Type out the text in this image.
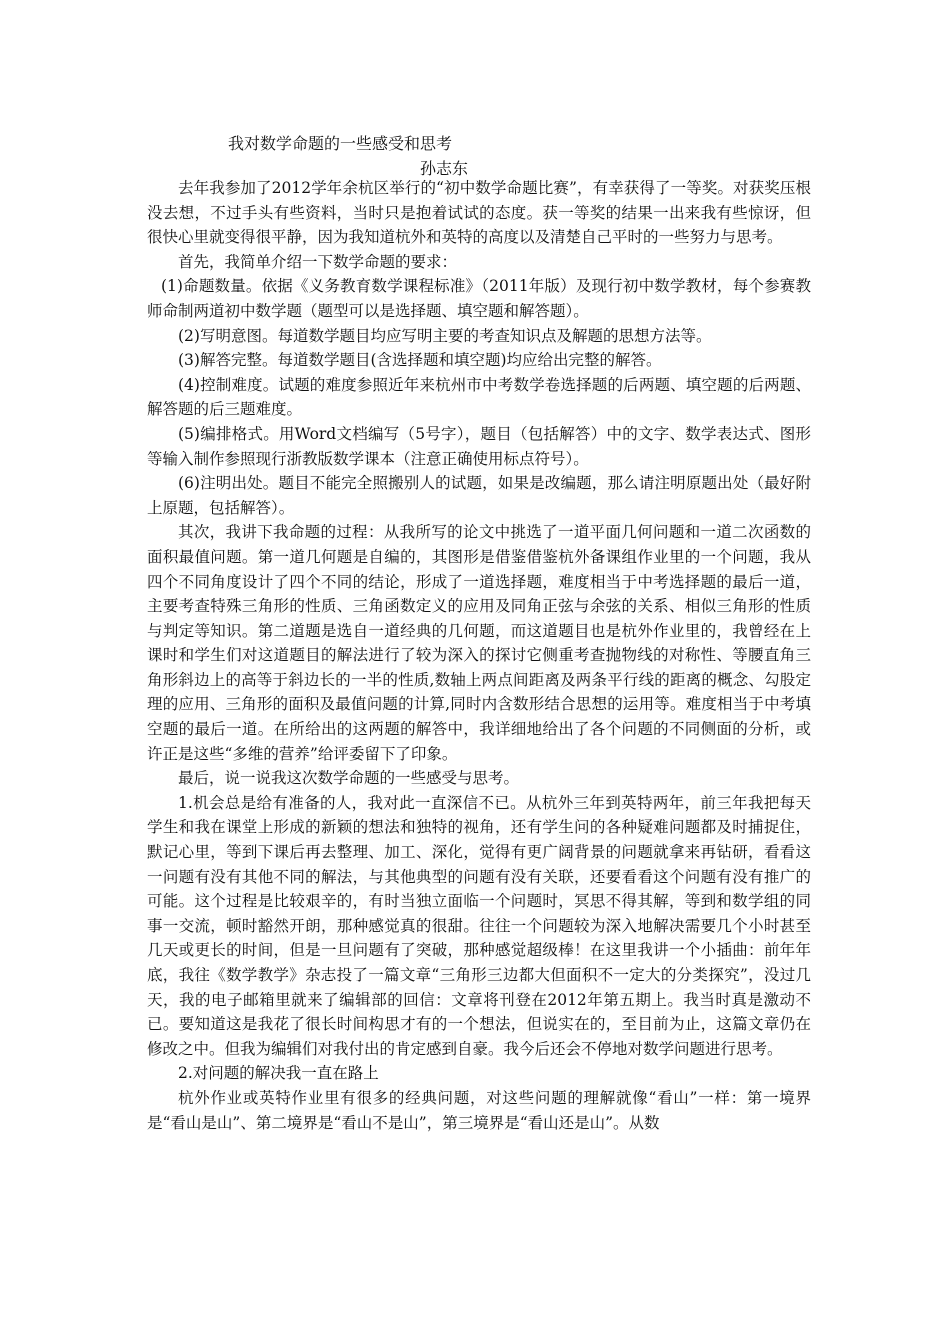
我对数学命题的一些感受和思考
孙志东

去年我参加了2012学年余杭区举行的“初中数学命题比赛”，有幸获得了一等奖。对获奖压根没去想，不过手头有些资料，当时只是抱着试试的态度。获一等奖的结果一出来我有些惊讶，但很快心里就变得很平静，因为我知道杭外和英特的高度以及清楚自己平时的一些努力与思考。

首先，我简单介绍一下数学命题的要求：

(1)命题数量。依据《义务教育数学课程标准》（2011年版）及现行初中数学教材，每个参赛教师命制两道初中数学题（题型可以是选择题、填空题和解答题）。

(2)写明意图。每道数学题目均应写明主要的考查知识点及解题的思想方法等。

(3)解答完整。每道数学题目(含选择题和填空题)均应给出完整的解答。

(4)控制难度。试题的难度参照近年来杭州市中考数学卷选择题的后两题、填空题的后两题、解答题的后三题难度。

(5)编排格式。用Word文档编写（5号字），题目（包括解答）中的文字、数学表达式、图形等输入制作参照现行浙教版数学课本（注意正确使用标点符号）。

(6)注明出处。题目不能完全照搬别人的试题，如果是改编题，那么请注明原题出处（最好附上原题，包括解答）。

其次，我讲下我命题的过程：从我所写的论文中挑选了一道平面几何问题和一道二次函数的面积最值问题。第一道几何题是自编的，其图形是借鉴借鉴杭外备课组作业里的一个问题，我从四个不同角度设计了四个不同的结论，形成了一道选择题，难度相当于中考选择题的最后一道，主要考查特殊三角形的性质、三角函数定义的应用及同角正弦与余弦的关系、相似三角形的性质与判定等知识。第二道题是选自一道经典的几何题，而这道题目也是杭外作业里的，我曾经在上课时和学生们对这道题目的解法进行了较为深入的探讨它侧重考查抛物线的对称性、等腰直角三角形斜边上的高等于斜边长的一半的性质,数轴上两点间距离及两条平行线的距离的概念、勾股定理的应用、三角形的面积及最值问题的计算,同时内含数形结合思想的运用等。难度相当于中考填空题的最后一道。在所给出的这两题的解答中，我详细地给出了各个问题的不同侧面的分析，或许正是这些“多维的营养”给评委留下了印象。

最后，说一说我这次数学命题的一些感受与思考。

1.机会总是给有准备的人，我对此一直深信不已。从杭外三年到英特两年，前三年我把每天学生和我在课堂上形成的新颖的想法和独特的视角，还有学生问的各种疑难问题都及时捕捉住，默记心里，等到下课后再去整理、加工、深化，觉得有更广阔背景的问题就拿来再钻研，看看这一问题有没有其他不同的解法，与其他典型的问题有没有关联，还要看看这个问题有没有推广的可能。这个过程是比较艰辛的，有时当独立面临一个问题时，冥思不得其解，等到和数学组的同事一交流，顿时豁然开朗，那种感觉真的很甜。往往一个问题较为深入地解决需要几个小时甚至几天或更长的时间，但是一旦问题有了突破，那种感觉超级棒！在这里我讲一个小插曲：前年年底，我往《数学教学》杂志投了一篇文章“三角形三边都大但面积不一定大的分类探究”，没过几天，我的电子邮箱里就来了编辑部的回信：文章将刊登在2012年第五期上。我当时真是激动不已。要知道这是我花了很长时间构思才有的一个想法，但说实在的，至目前为止，这篇文章仍在修改之中。但我为编辑们对我付出的肯定感到自豪。我今后还会不停地对数学问题进行思考。

2.对问题的解决我一直在路上

杭外作业或英特作业里有很多的经典问题，对这些问题的理解就像“看山”一样：第一境界是“看山是山”、第二境界是“看山不是山”，第三境界是“看山还是山”。从数
